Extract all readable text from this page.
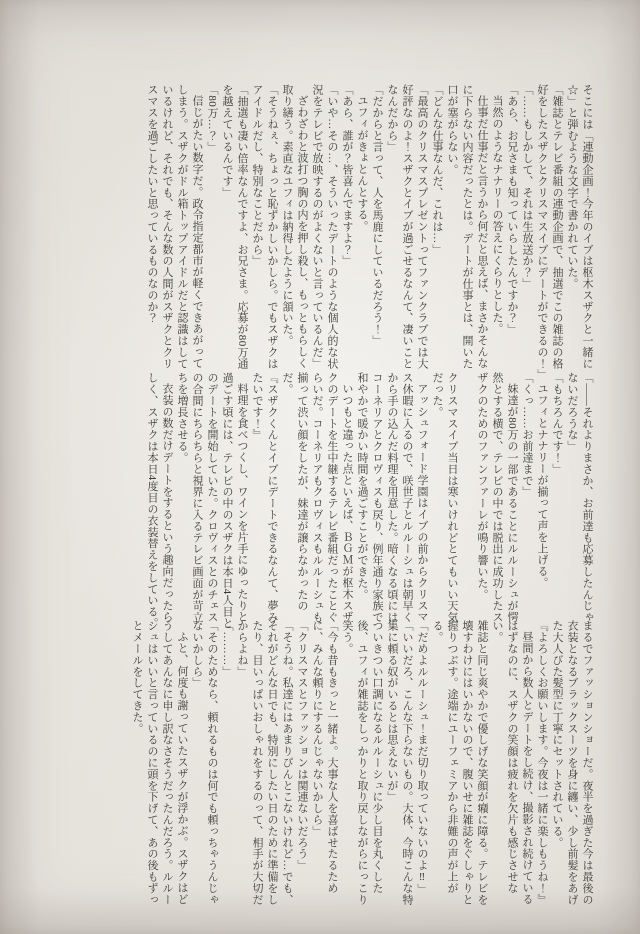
そこには「連動企画！今年のイブは枢木スザクと一緒に☆」と弾むような文字で書かれていた。

「雑誌とテレビ番組の連動企画で、抽選でこの雑誌の格好をしたスザクとクリスマスイブにデートができるの！」

「……もしかして、それは生放送か？」

「あら、お兄さまも知っていらしたんですか？」

当然のようなナナリーの答えにくらりとした。

仕事だ仕事だと言うから何だと思えば、まさかそんなに下らない内容だったとは。デートが仕事とは、開いた口が塞がらない。

「どんな仕事なんだ、これは…」

「最高のクリスマスプレゼントってファンクラブでは大好評なのよ！スザクとイブが過ごせるなんて、凄いことなんだから」

「だからと言って、人を馬鹿にしているだろう！」

ユフィがきょとんとする。

「あら、誰が？皆喜んでますよ？」

「いや…その…、そういったデートのような個人的な状況をテレビで放映するのがよくないと言っているんだ」

ざわざわと波打つ胸の内を押し殺し、もっともらしく取り繕う。素直なユフィは納得したように頷いた。

「そうねぇ、ちょっと恥ずかしいかしら。でもスザクはアイドルだし、特別なことだから」

「抽選も凄い倍率なんですよ、お兄さま。応募が80万通を越えているんです」

「80万…？」

信じがたい数字だ。政令指定都市が軽くできあがってしまう。スザクがドル箱トップアイドルだと認識はしているけれど、それでも、そんな数の人間がスザクとクリスマスを過ごしたいと思っているものなのか？

「――それよりまさか、お前達も応募したんじゃないだろうな」

「もちろんです！」

ユフィとナナリーが揃って声を上げる。

「くっ……お前達まで」

妹達が80万の一部であることにルルーシュが愕然とする横で、テレビの中では脱出に成功したスザクのためのファンファーレが鳴り響いた。

クリスマスイブ当日は寒いけれどとてもいい天気だった。

アッシュフォード学園はイブの前からクリスマス休暇に入るので、咲世子とルルーシュは朝早くから手の込んだ料理を用意した。暗くなる頃にはコーネリアとクロヴィスも戻り、例年通り家族で和やかで暖かい時間を過ごすことができた。

いつもと違った点といえば、ＢＧＭが枢木スザクのデートを生中継するテレビ番組だったことぐらいだ。コーネリアもクロヴィスもルルーシュも揃って渋い顔をしたが、妹達が譲らなかったのだ。

『スザクくんとイブにデートできるなんて、夢みたいです！』

料理を食べつくし、ワインを片手にゆったりと過ごす頃には、テレビの中のスザクは本日4人目とのデートを開始していた。クロヴィスとのチェスの合間にちらちらと視界に入るテレビ画面が苛立ちを増長させる。

衣装の数だけデートをするという趣向だったらしく、スザクは本日4度目の衣装替えをしている。

まるでファッションショーだ。夜半を過ぎた今は最後の衣装となるブラックスーツを身に纏い、少し前髪をあげた大人びた髪型に丁寧にセットされている。

『よろしくお願いします。今夜は一緒に楽しもうね！』

昼間から数人とデートをし続け、撮影され続けているはずなのに、スザクの笑顔は疲れを欠片も感じさせない。

雑誌と同じ爽やかで優しげな笑顔が癪に障る。テレビを壊すわけにはいかないので、腹いせに雑誌をぐしゃりと握りつぶす。途端にユーフェミアから非難の声が上がる。

「だめよルルーシュ！まだ切り取っていないのよ‼」

「いいだろ、こんな下らないもの。大体、今時こんな特集に頼る奴がいるとは思えないが」

ついきつい口調になるルルーシュに少し目を丸くした後、ユフィが雑誌をしっかりと取り戻しながらにっこり笑う。

「今も昔もきっと一緒よ。大事な人を喜ばせたるために、みんな頼りにするんじゃないかしら」

「クリスマスとファッションは関連ないだろう」

「そうね。私達にはあまりぴんとこないけれど…でも、それがどんな日でも、特別にしたい日のために準備をしたり、目いっぱいおしゃれをするのって、相手が大切だからよね」

「………」

「そのためなら、頼れるものは何でも頼っちゃうんじゃないかしら」

ふと、何度も謝っていたスザクが浮かぶ。スザクはどうしてあんなに申し訳なさそうだったんだろう。ルルーシュはいいと言っているのに頭を下げて、あの後もずっとメールをしてきた。
